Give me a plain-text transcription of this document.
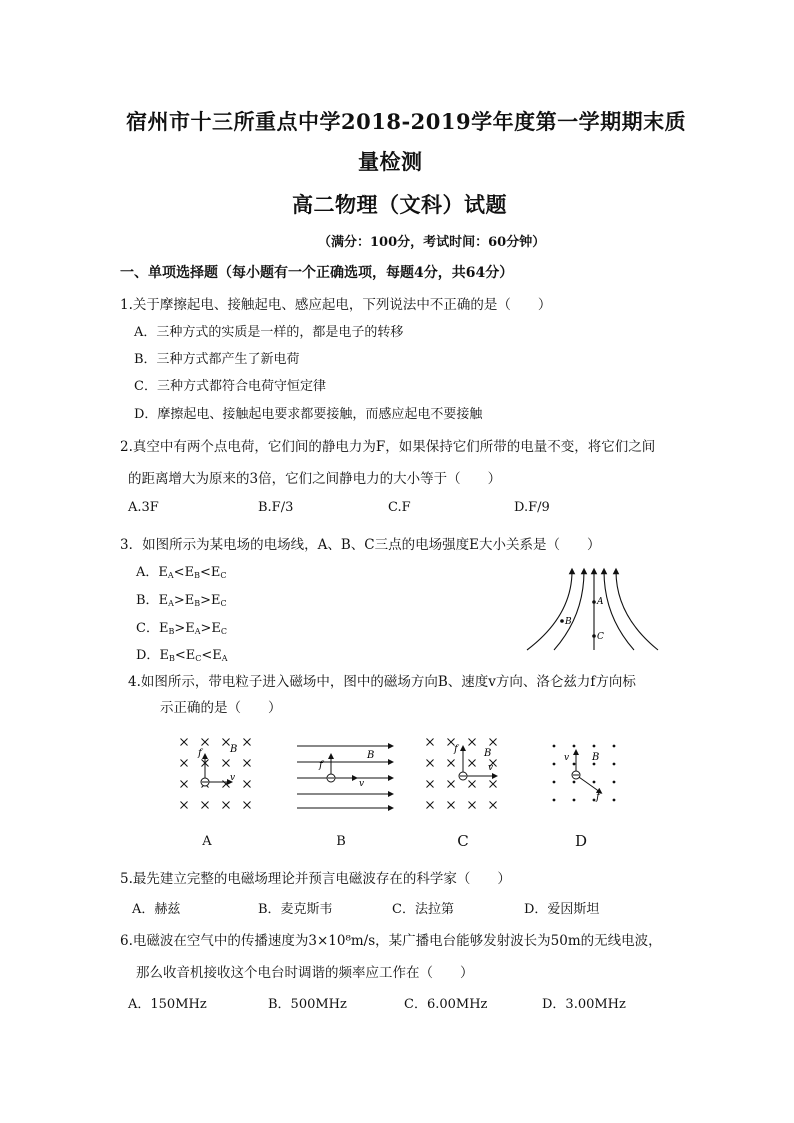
宿州市十三所重点中学2018-2019学年度第一学期期末质
量检测
高二物理（文科）试题
（满分：100分，考试时间：60分钟）
一、单项选择题（每小题有一个正确选项，每题4分，共64分）
1.关于摩擦起电、接触起电、感应起电，下列说法中不正确的是（　　）
A．三种方式的实质是一样的，都是电子的转移
B．三种方式都产生了新电荷
C．三种方式都符合电荷守恒定律
D．摩擦起电、接触起电要求都要接触，而感应起电不要接触
2.真空中有两个点电荷，它们间的静电力为F，如果保持它们所带的电量不变，将它们之间
的距离增大为原来的3倍，它们之间静电力的大小等于（　　）
A.3F	B.F/3	C.F	D.F/9
3．如图所示为某电场的电场线，A、B、C三点的电场强度E大小关系是（　　）
A．$E_A<E_B<E_C$
B．$E_A>E_B>E_C$
C．$E_B>E_A>E_C$
D．$E_B<E_C<E_A$
A
B
C
4.如图所示，带电粒子进入磁场中，图中的磁场方向B、速度v方向、洛仑兹力f方向标
示正确的是（　　）
f	B
v
f
B
v
f	B
v
v B
f
A	B	C	D
5.最先建立完整的电磁场理论并预言电磁波存在的科学家（　　）
A．赫兹	B．麦克斯韦	C．法拉第	D．爱因斯坦
6.电磁波在空气中的传播速度为3×10⁸m/s，某广播电台能够发射波长为50m的无线电波，
那么收音机接收这个电台时调谐的频率应工作在（　　）
A．150MHz	B．500MHz	C．6.00MHz	D．3.00MHz
